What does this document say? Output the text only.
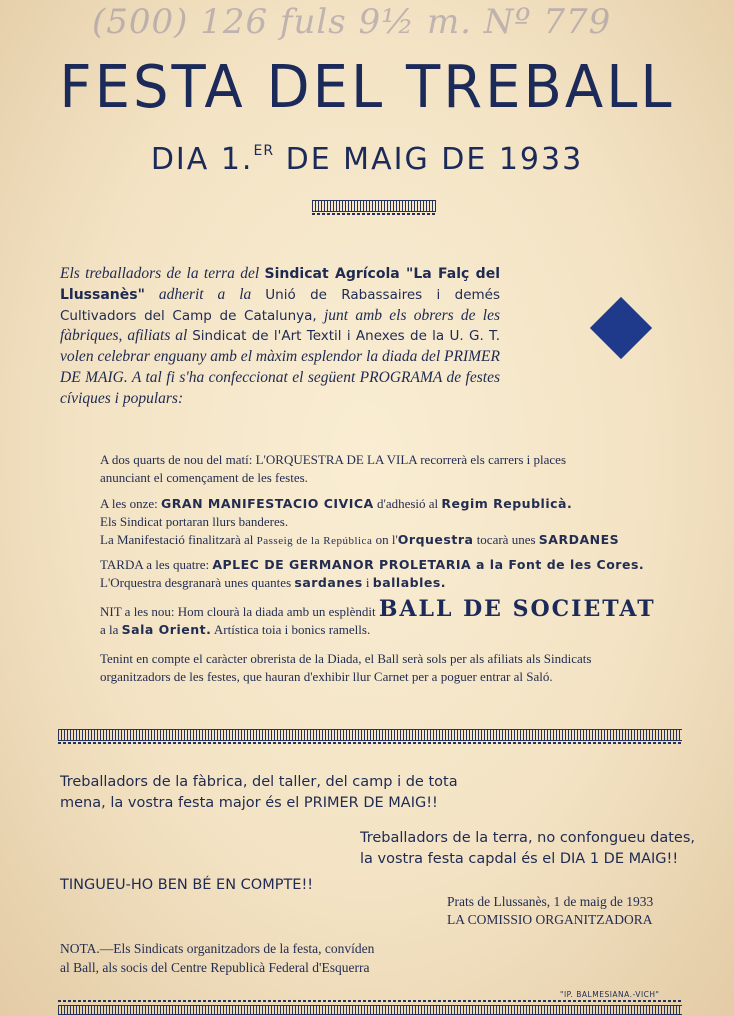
(500) 126 fuls 9½ m. Nº 779
FESTA DEL TREBALL
DIA 1.$^{ER}$ DE MAIG DE 1933
Els treballadors de la terra del Sindicat Agrícola "La Falç del Llussanès" adherit a la Unió de Rabassaires i demés Cultivadors del Camp de Catalunya, junt amb els obrers de les fàbriques, afiliats al Sindicat de l'Art Textil i Anexes de la U. G. T. volen celebrar enguany amb el màxim esplendor la diada del PRIMER DE MAIG. A tal fi s'ha confeccionat el següent PROGRAMA de festes cíviques i populars:
A dos quarts de nou del matí: L'ORQUESTRA DE LA VILA recorrerà els carrers i places
anunciant el començament de les festes.
A les onze: GRAN MANIFESTACIO CIVICA d'adhesió al Regim Republicà.
Els Sindicat portaran llurs banderes.
La Manifestació finalitzarà al Passeig de la República on l'Orquestra tocarà unes SARDANES
TARDA a les quatre: APLEC DE GERMANOR PROLETARIA a la Font de les Cores.
L'Orquestra desgranarà unes quantes sardanes i ballables.
NIT a les nou: Hom clourà la diada amb un esplèndit BALL DE SOCIETAT
a la Sala Orient. Artística toia i bonics ramells.
Tenint en compte el caràcter obrerista de la Diada, el Ball serà sols per als afiliats als Sindicats
organitzadors de les festes, que hauran d'exhibir llur Carnet per a poguer entrar al Saló.
Treballadors de la fàbrica, del taller, del camp i de tota
mena, la vostra festa major és el PRIMER DE MAIG!!
Treballadors de la terra, no confongueu dates,
la vostra festa capdal és el DIA 1 DE MAIG!!
TINGUEU-HO BEN BÉ EN COMPTE!!
Prats de Llussanès, 1 de maig de 1933
LA COMISSIO ORGANITZADORA
NOTA.—Els Sindicats organitzadors de la festa, convíden
al Ball, als socis del Centre Republicà Federal d'Esquerra
"IP. BALMESIANA.-VICH"
